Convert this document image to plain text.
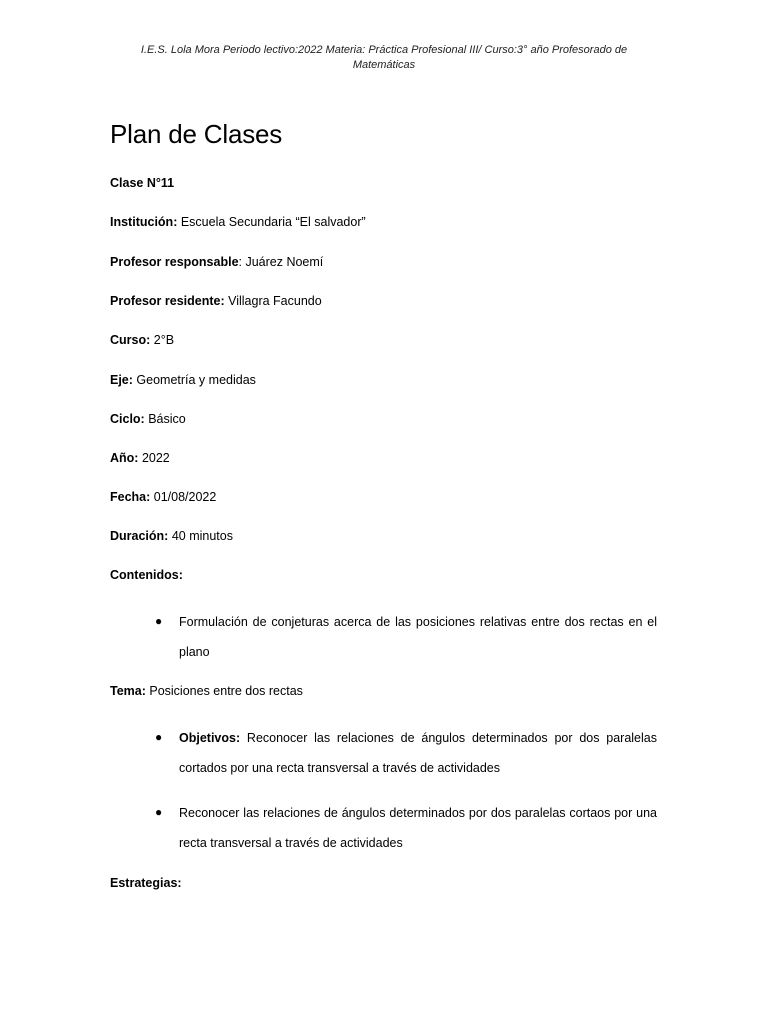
I.E.S. Lola Mora Periodo lectivo:2022 Materia: Práctica Profesional III/ Curso:3° año Profesorado de
Matemáticas
Plan de Clases
Clase N°11
Institución: Escuela Secundaria “El salvador”
Profesor responsable: Juárez Noemí
Profesor residente: Villagra Facundo
Curso: 2°B
Eje: Geometría y medidas
Ciclo: Básico
Año: 2022
Fecha: 01/08/2022
Duración: 40 minutos
Contenidos:
● Formulación de conjeturas acerca de las posiciones relativas entre dos rectas en el plano
Tema: Posiciones entre dos rectas
● Objetivos: Reconocer las relaciones de ángulos determinados por dos paralelas cortados por una recta transversal a través de actividades
● Reconocer las relaciones de ángulos determinados por dos paralelas cortaos por una recta transversal a través de actividades
Estrategias:
